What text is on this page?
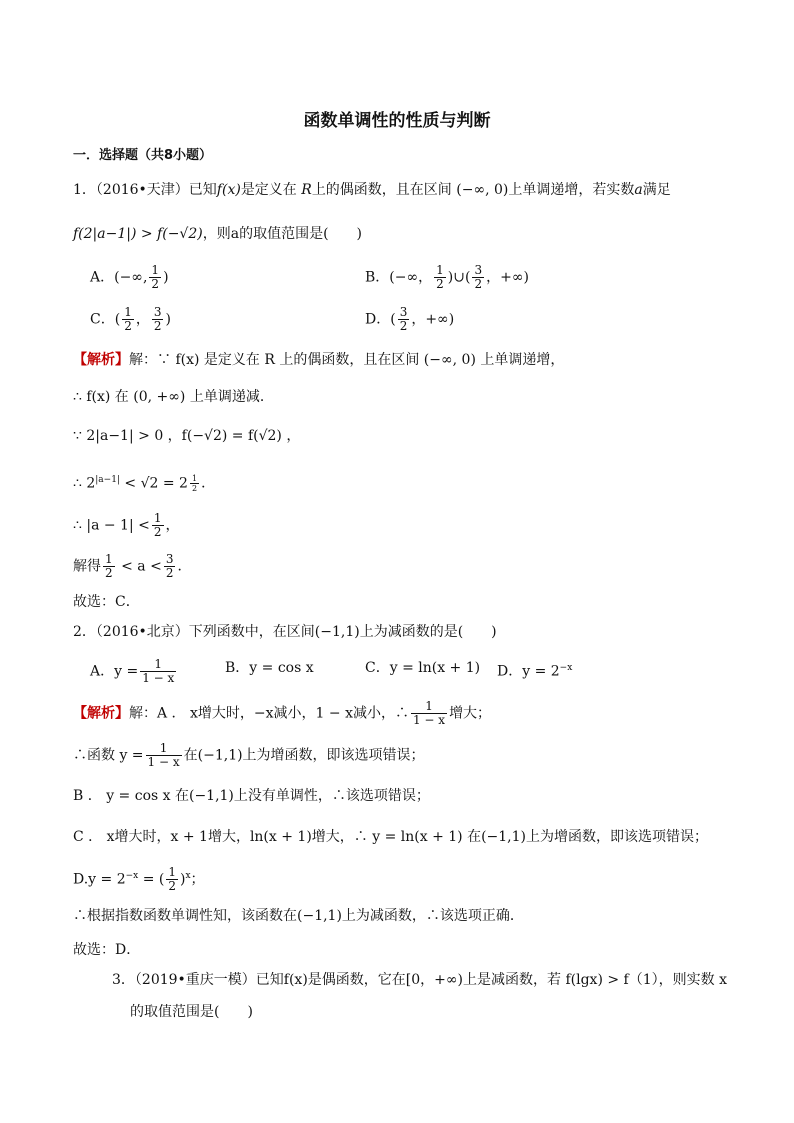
函数单调性的性质与判断
一．选择题（共8小题）
1．（2016•天津）已知f(x)是定义在 R上的偶函数，且在区间 (−∞, 0)上单调递增，若实数a满足
f(2|a−1|) > f(−√2)，则a的取值范围是(　　)
A．(−∞, $\frac{1}{2}$ )	B．(−∞， $\frac{1}{2}$ )∪( $\frac{3}{2}$ ，+∞)
C．( $\frac{1}{2}$ ， $\frac{3}{2}$ )	D．( $\frac{3}{2}$ ，+∞)
【解析】解：∵ f(x) 是定义在 R 上的偶函数，且在区间 (−∞, 0) 上单调递增，
∴ f(x) 在 (0, +∞) 上单调递减．
∵ 2|a−1| > 0 ，f(−√2) = f(√2) ，
∴ $2^{|a-1|} < √2 = 2 \frac{1}{2}$ ．
∴ $|a - 1| < \frac{1}{2}$ ，
解得 $\frac{1}{2} < a < \frac{3}{2}$ ．
故选：C．
2．（2016•北京）下列函数中，在区间(−1,1)上为减函数的是(　　)
A．$y = \frac{1}{1 - x}$	B．y = cos x	C．y = ln(x + 1) D．$y = 2^{-x}$
【解析】解：A ． x增大时，−x减小，1 − x减小，∴ $\frac{1}{1 - x}$ 增大；
∴函数 $y = \frac{1}{1 - x}$ 在(−1,1)上为增函数，即该选项错误；
B ． y = cos x 在(−1,1)上没有单调性，∴该选项错误；
C ． x增大时，x + 1增大，ln(x + 1)增大，∴ y = ln(x + 1) 在(−1,1)上为增函数，即该选项错误；
$D.y = 2^{-x}$ = ( $\frac{1}{2} )^x$；
∴根据指数函数单调性知，该函数在(−1,1)上为减函数，∴该选项正确．
故选：D．
3．（2019•重庆一模）已知f(x)是偶函数，它在[0，+∞)上是减函数，若 f(lgx) > f（1），则实数 x
的取值范围是(　　)
